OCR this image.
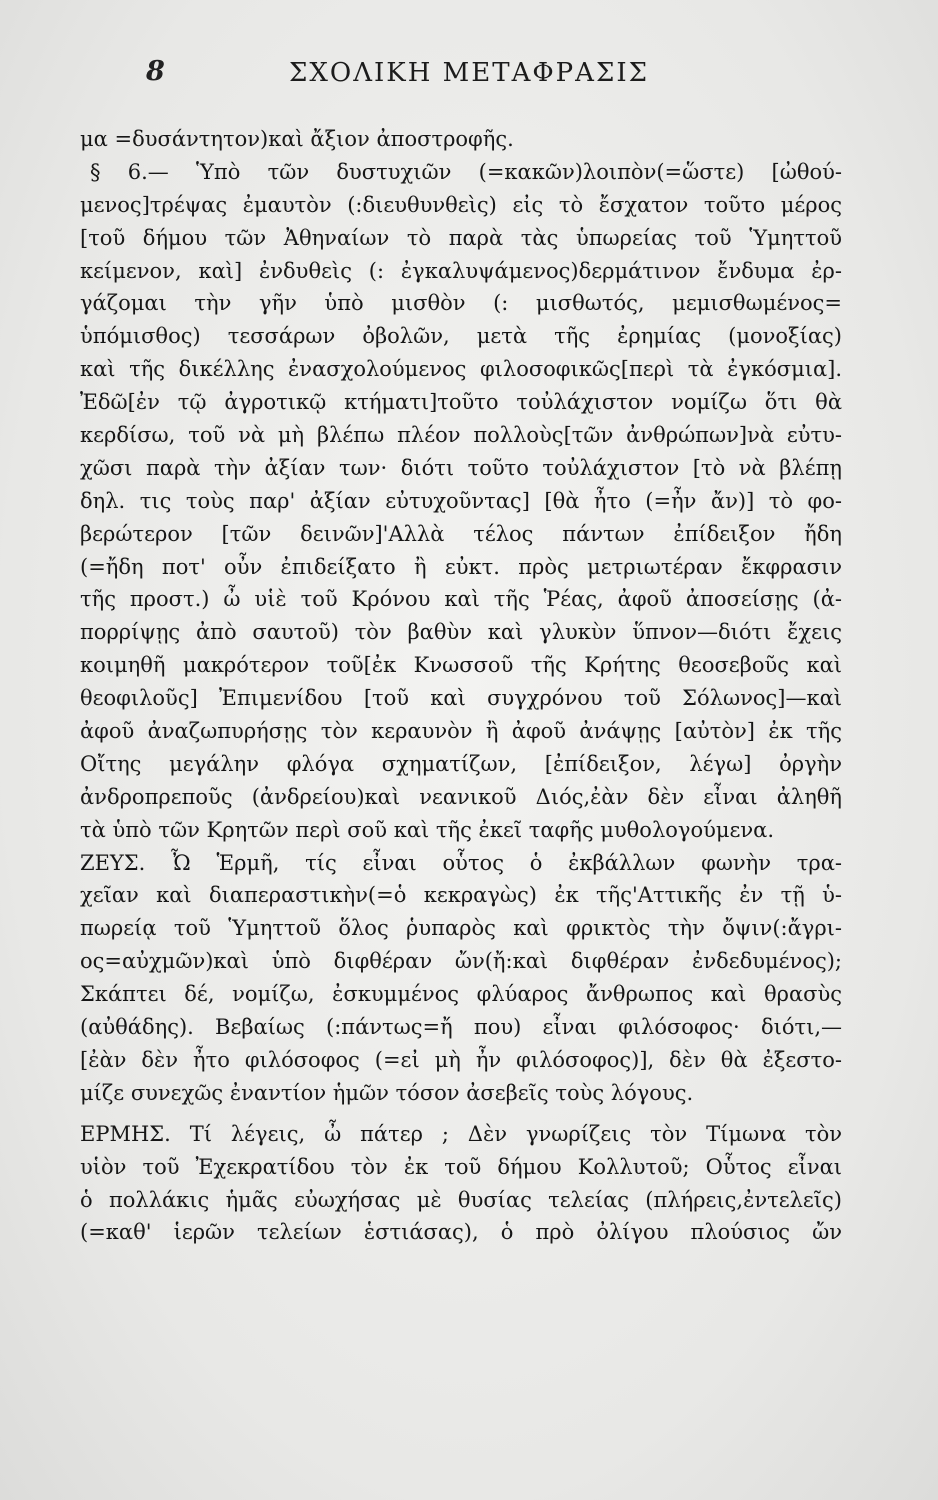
8	ΣΧΟΛΙΚΗ ΜΕΤΑΦΡΑΣΙΣ
μα =δυσάντητον)καὶ ἄξιον ἀποστροφῆς.
§ 6.— Ὑπὸ τῶν δυστυχιῶν (=κακῶν)λοιπὸν(=ὥστε) [ὠθού-
μενος]τρέψας ἐμαυτὸν (:διευθυνθεὶς) εἰς τὸ ἔσχατον τοῦτο μέρος
[τοῦ δήμου τῶν Ἀθηναίων τὸ παρὰ τὰς ὑπωρείας τοῦ Ὑμηττοῦ
κείμενον, καὶ] ἐνδυθεὶς (: ἐγκαλυψάμενος)δερμάτινον ἔνδυμα ἐρ-
γάζομαι τὴν γῆν ὑπὸ μισθὸν (: μισθωτός, μεμισθωμένος=
ὑπόμισθος) τεσσάρων ὀβολῶν, μετὰ τῆς ἐρημίας (μονοξίας)
καὶ τῆς δικέλλης ἐνασχολούμενος φιλοσοφικῶς[περὶ τὰ ἐγκόσμια].
Ἐδῶ[ἐν τῷ ἀγροτικῷ κτήματι]τοῦτο τοὐλάχιστον νομίζω ὅτι θὰ
κερδίσω, τοῦ νὰ μὴ βλέπω πλέον πολλοὺς[τῶν ἀνθρώπων]νὰ εὐτυ-
χῶσι παρὰ τὴν ἀξίαν των· διότι τοῦτο τοὐλάχιστον [τὸ νὰ βλέπῃ
δηλ. τις τοὺς παρ' ἀξίαν εὐτυχοῦντας] [θὰ ἦτο (=ἦν ἄν)] τὸ φο-
βερώτερον [τῶν δεινῶν]'Αλλὰ τέλος πάντων ἐπίδειξον ἤδη
(=ἤδη ποτ' οὖν ἐπιδείξατο ἢ εὐκτ. πρὸς μετριωτέραν ἔκφρασιν
τῆς προστ.) ὦ υἱὲ τοῦ Κρόνου καὶ τῆς Ῥέας, ἀφοῦ ἀποσείσῃς (ἀ-
πορρίψῃς ἀπὸ σαυτοῦ) τὸν βαθὺν καὶ γλυκὺν ὕπνον—διότι ἔχεις
κοιμηθῆ μακρότερον τοῦ[ἐκ Κνωσσοῦ τῆς Κρήτης θεοσεβοῦς καὶ
θεοφιλοῦς] Ἐπιμενίδου [τοῦ καὶ συγχρόνου τοῦ Σόλωνος]—καὶ
ἀφοῦ ἀναζωπυρήσῃς τὸν κεραυνὸν ἢ ἀφοῦ ἀνάψῃς [αὐτὸν] ἐκ τῆς
Οἴτης μεγάλην φλόγα σχηματίζων, [ἐπίδειξον, λέγω] ὀργὴν
ἀνδροπρεποῦς (ἀνδρείου)καὶ νεανικοῦ Διός,ἐὰν δὲν εἶναι ἀληθῆ
τὰ ὑπὸ τῶν Κρητῶν περὶ σοῦ καὶ τῆς ἐκεῖ ταφῆς μυθολογούμενα.
ΖΕΥΣ. Ὦ Ἑρμῆ, τίς εἶναι οὗτος ὁ ἐκβάλλων φωνὴν τρα-
χεῖαν καὶ διαπεραστικὴν(=ὁ κεκραγὼς) ἐκ τῆς'Αττικῆς ἐν τῇ ὑ-
πωρείᾳ τοῦ Ὑμηττοῦ ὅλος ῥυπαρὸς καὶ φρικτὸς τὴν ὄψιν(:ἄγρι-
ος=αὐχμῶν)καὶ ὑπὸ διφθέραν ὤν(ἤ:καὶ διφθέραν ἐνδεδυμένος);
Σκάπτει δέ, νομίζω, ἐσκυμμένος φλύαρος ἄνθρωπος καὶ θρασὺς
(αὐθάδης). Βεβαίως (:πάντως=ἤ που) εἶναι φιλόσοφος· διότι,—
[ἐὰν δὲν ἦτο φιλόσοφος (=εἰ μὴ ἦν φιλόσοφος)], δὲν θὰ ἐξεστο-
μίζε συνεχῶς ἐναντίον ἡμῶν τόσον ἀσεβεῖς τοὺς λόγους.
ΕΡΜΗΣ. Τί λέγεις, ὦ πάτερ ; Δὲν γνωρίζεις τὸν Τίμωνα τὸν
υἱὸν τοῦ Ἐχεκρατίδου τὸν ἐκ τοῦ δήμου Κολλυτοῦ; Οὗτος εἶναι
ὁ πολλάκις ἡμᾶς εὐωχήσας μὲ θυσίας τελείας (πλήρεις,ἐντελεῖς)
(=καθ' ἱερῶν τελείων ἑστιάσας), ὁ πρὸ ὀλίγου πλούσιος ὤν
